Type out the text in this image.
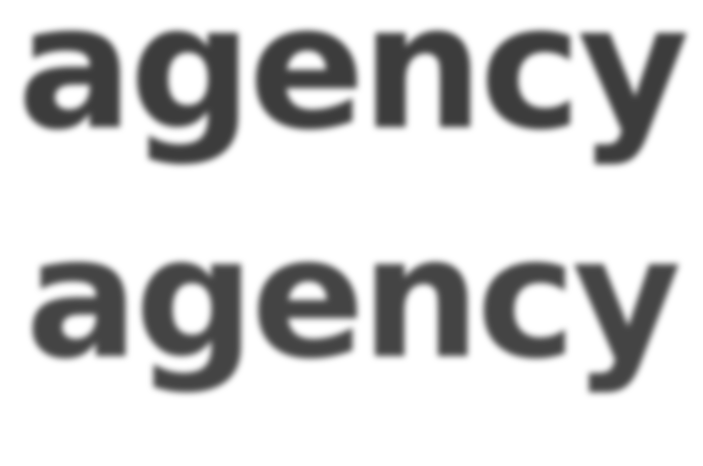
agency
agency
